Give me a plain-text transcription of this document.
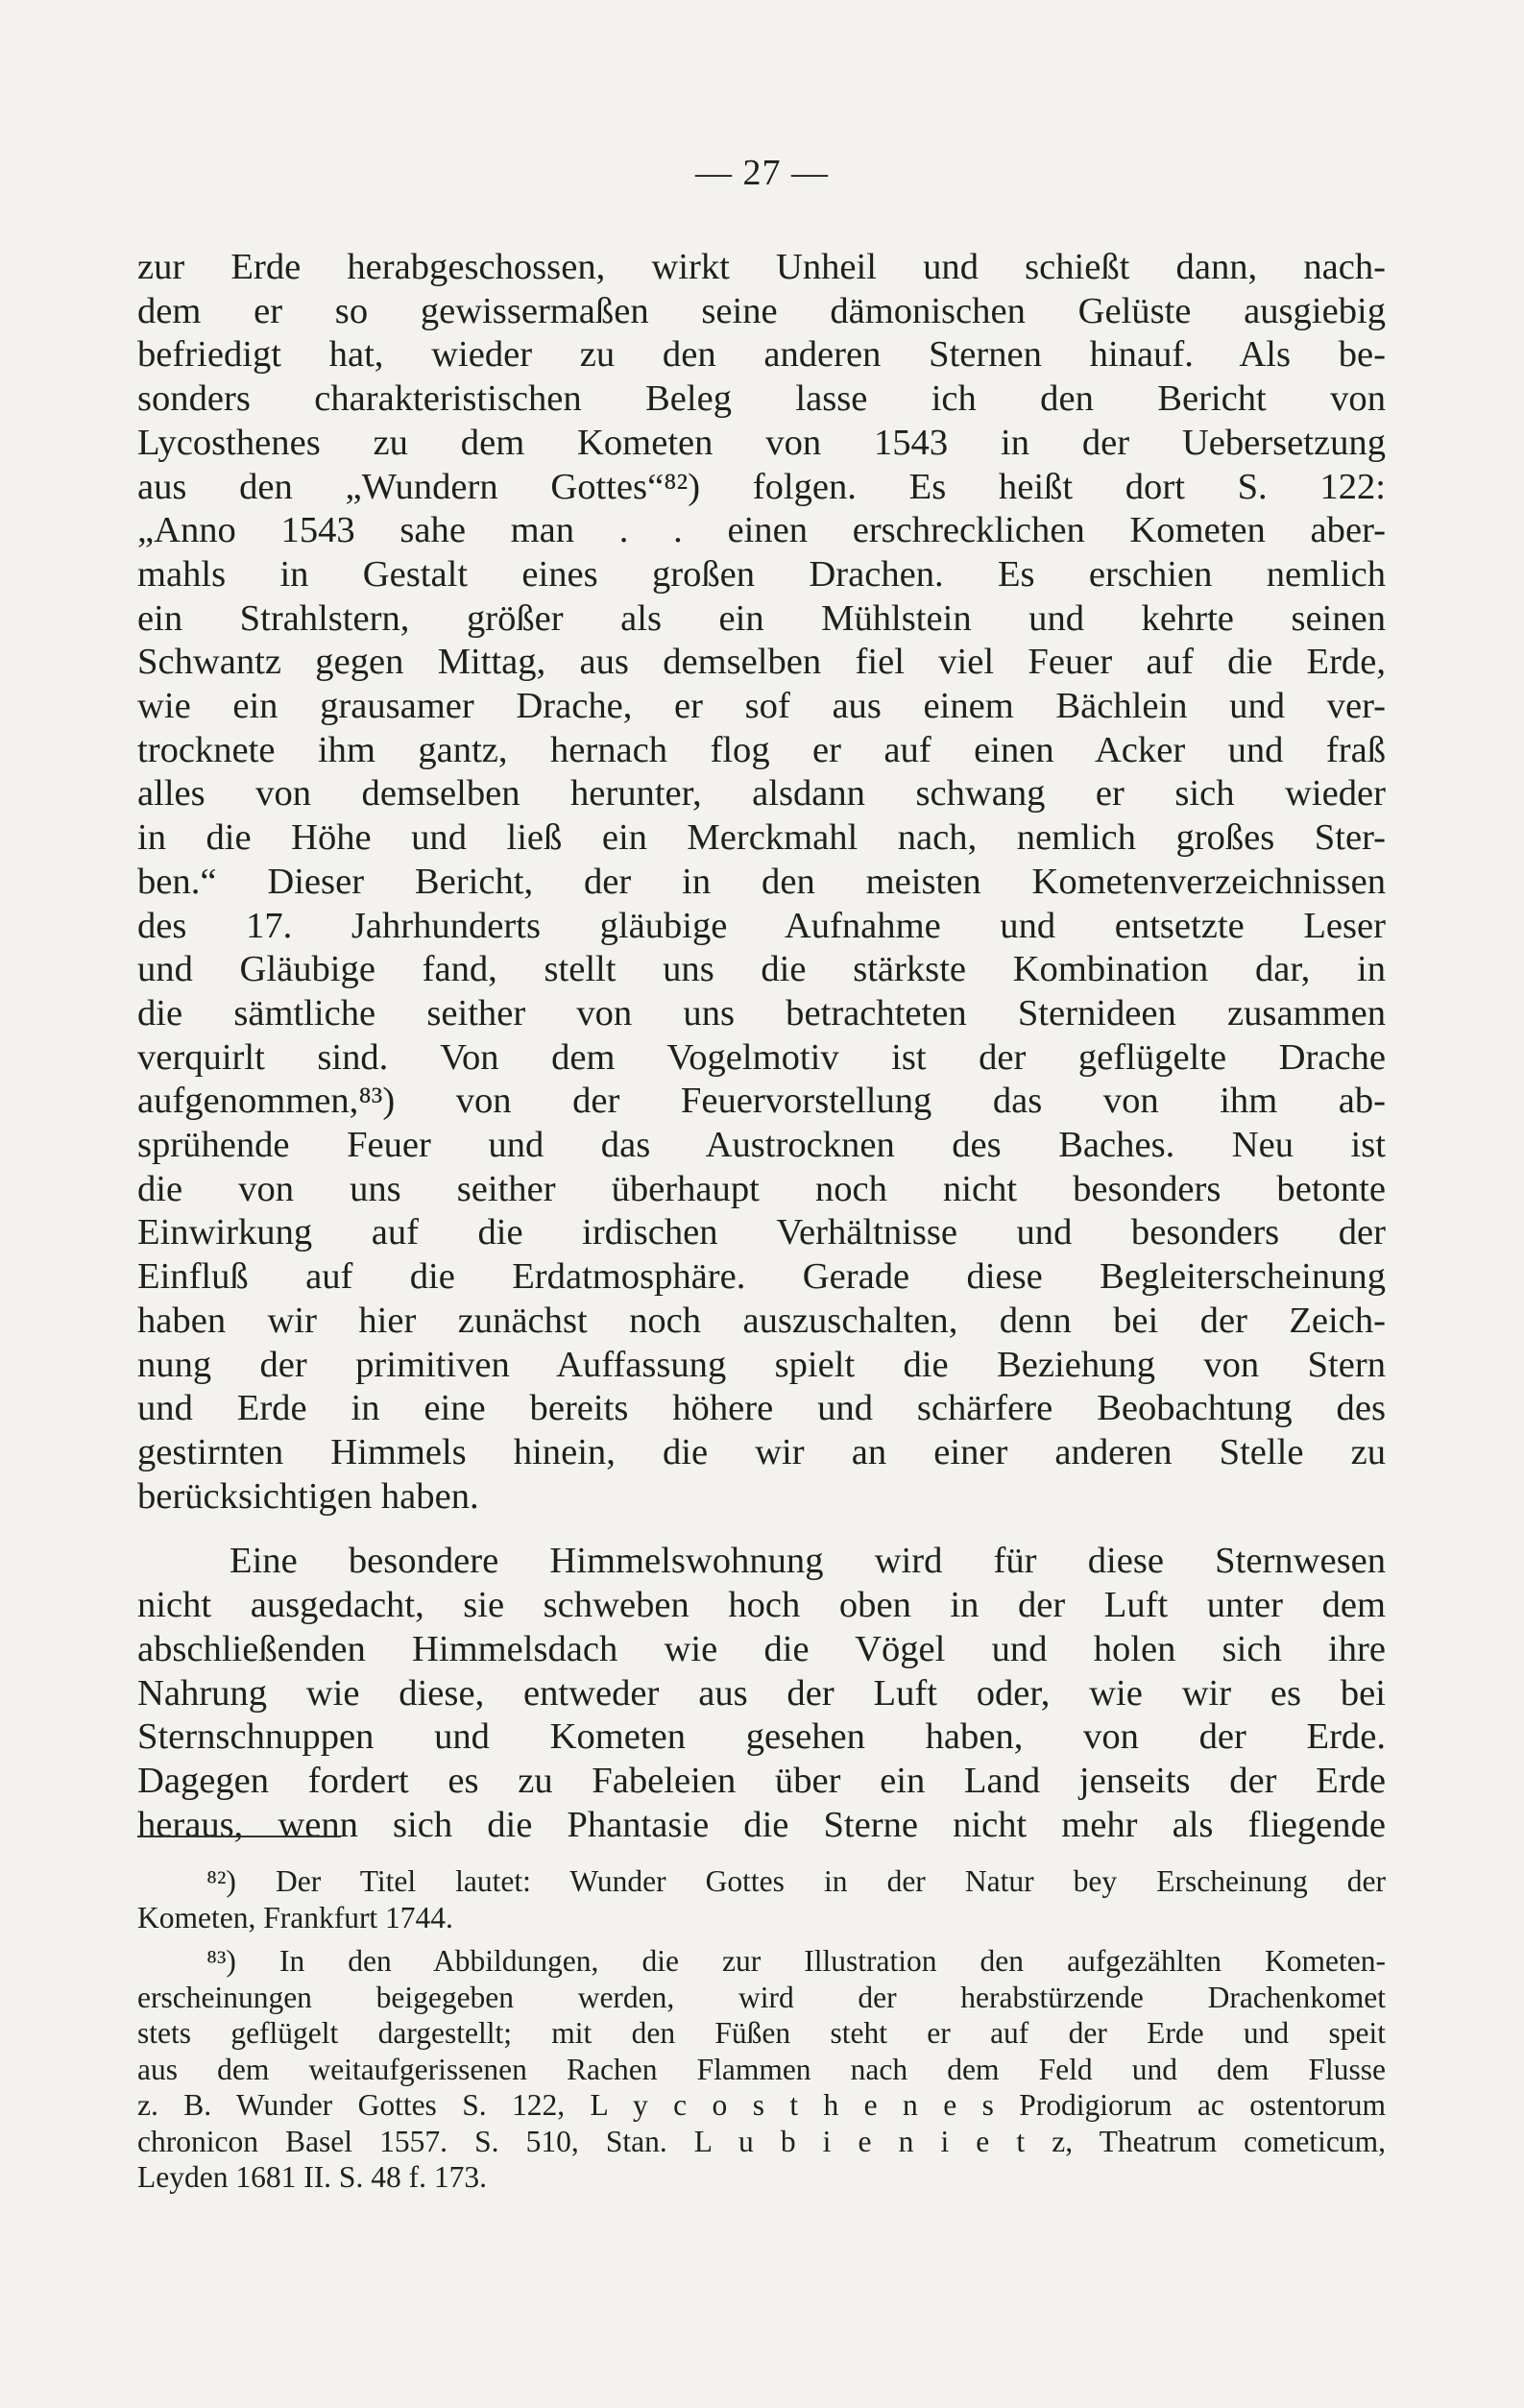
— 27 —
zur Erde herabgeschossen, wirkt Unheil und schießt dann, nach-
dem er so gewissermaßen seine dämonischen Gelüste ausgiebig
befriedigt hat, wieder zu den anderen Sternen hinauf. Als be-
sonders charakteristischen Beleg lasse ich den Bericht von
Lycosthenes zu dem Kometen von 1543 in der Uebersetzung
aus den „Wundern Gottes“⁸²) folgen. Es heißt dort S. 122:
„Anno 1543 sahe man . . einen erschrecklichen Kometen aber-
mahls in Gestalt eines großen Drachen. Es erschien nemlich
ein Strahlstern, größer als ein Mühlstein und kehrte seinen
Schwantz gegen Mittag, aus demselben fiel viel Feuer auf die Erde,
wie ein grausamer Drache, er sof aus einem Bächlein und ver-
trocknete ihm gantz, hernach flog er auf einen Acker und fraß
alles von demselben herunter, alsdann schwang er sich wieder
in die Höhe und ließ ein Merckmahl nach, nemlich großes Ster-
ben.“ Dieser Bericht, der in den meisten Kometenverzeichnissen
des 17. Jahrhunderts gläubige Aufnahme und entsetzte Leser
und Gläubige fand, stellt uns die stärkste Kombination dar, in
die sämtliche seither von uns betrachteten Sternideen zusammen
verquirlt sind. Von dem Vogelmotiv ist der geflügelte Drache
aufgenommen,⁸³) von der Feuervorstellung das von ihm ab-
sprühende Feuer und das Austrocknen des Baches. Neu ist
die von uns seither überhaupt noch nicht besonders betonte
Einwirkung auf die irdischen Verhältnisse und besonders der
Einfluß auf die Erdatmosphäre. Gerade diese Begleiterscheinung
haben wir hier zunächst noch auszuschalten, denn bei der Zeich-
nung der primitiven Auffassung spielt die Beziehung von Stern
und Erde in eine bereits höhere und schärfere Beobachtung des
gestirnten Himmels hinein, die wir an einer anderen Stelle zu
berücksichtigen haben.
Eine besondere Himmelswohnung wird für diese Sternwesen
nicht ausgedacht, sie schweben hoch oben in der Luft unter dem
abschließenden Himmelsdach wie die Vögel und holen sich ihre
Nahrung wie diese, entweder aus der Luft oder, wie wir es bei
Sternschnuppen und Kometen gesehen haben, von der Erde.
Dagegen fordert es zu Fabeleien über ein Land jenseits der Erde
heraus, wenn sich die Phantasie die Sterne nicht mehr als fliegende
⁸²) Der Titel lautet: Wunder Gottes in der Natur bey Erscheinung der
Kometen, Frankfurt 1744.
⁸³) In den Abbildungen, die zur Illustration den aufgezählten Kometen-
erscheinungen beigegeben werden, wird der herabstürzende Drachenkomet
stets geflügelt dargestellt; mit den Füßen steht er auf der Erde und speit
aus dem weitaufgerissenen Rachen Flammen nach dem Feld und dem Flusse
z. B. Wunder Gottes S. 122, L y c o s t h e n e s Prodigiorum ac ostentorum
chronicon Basel 1557. S. 510, Stan. L u b i e n i e t z, Theatrum cometicum,
Leyden 1681 II. S. 48 f. 173.
